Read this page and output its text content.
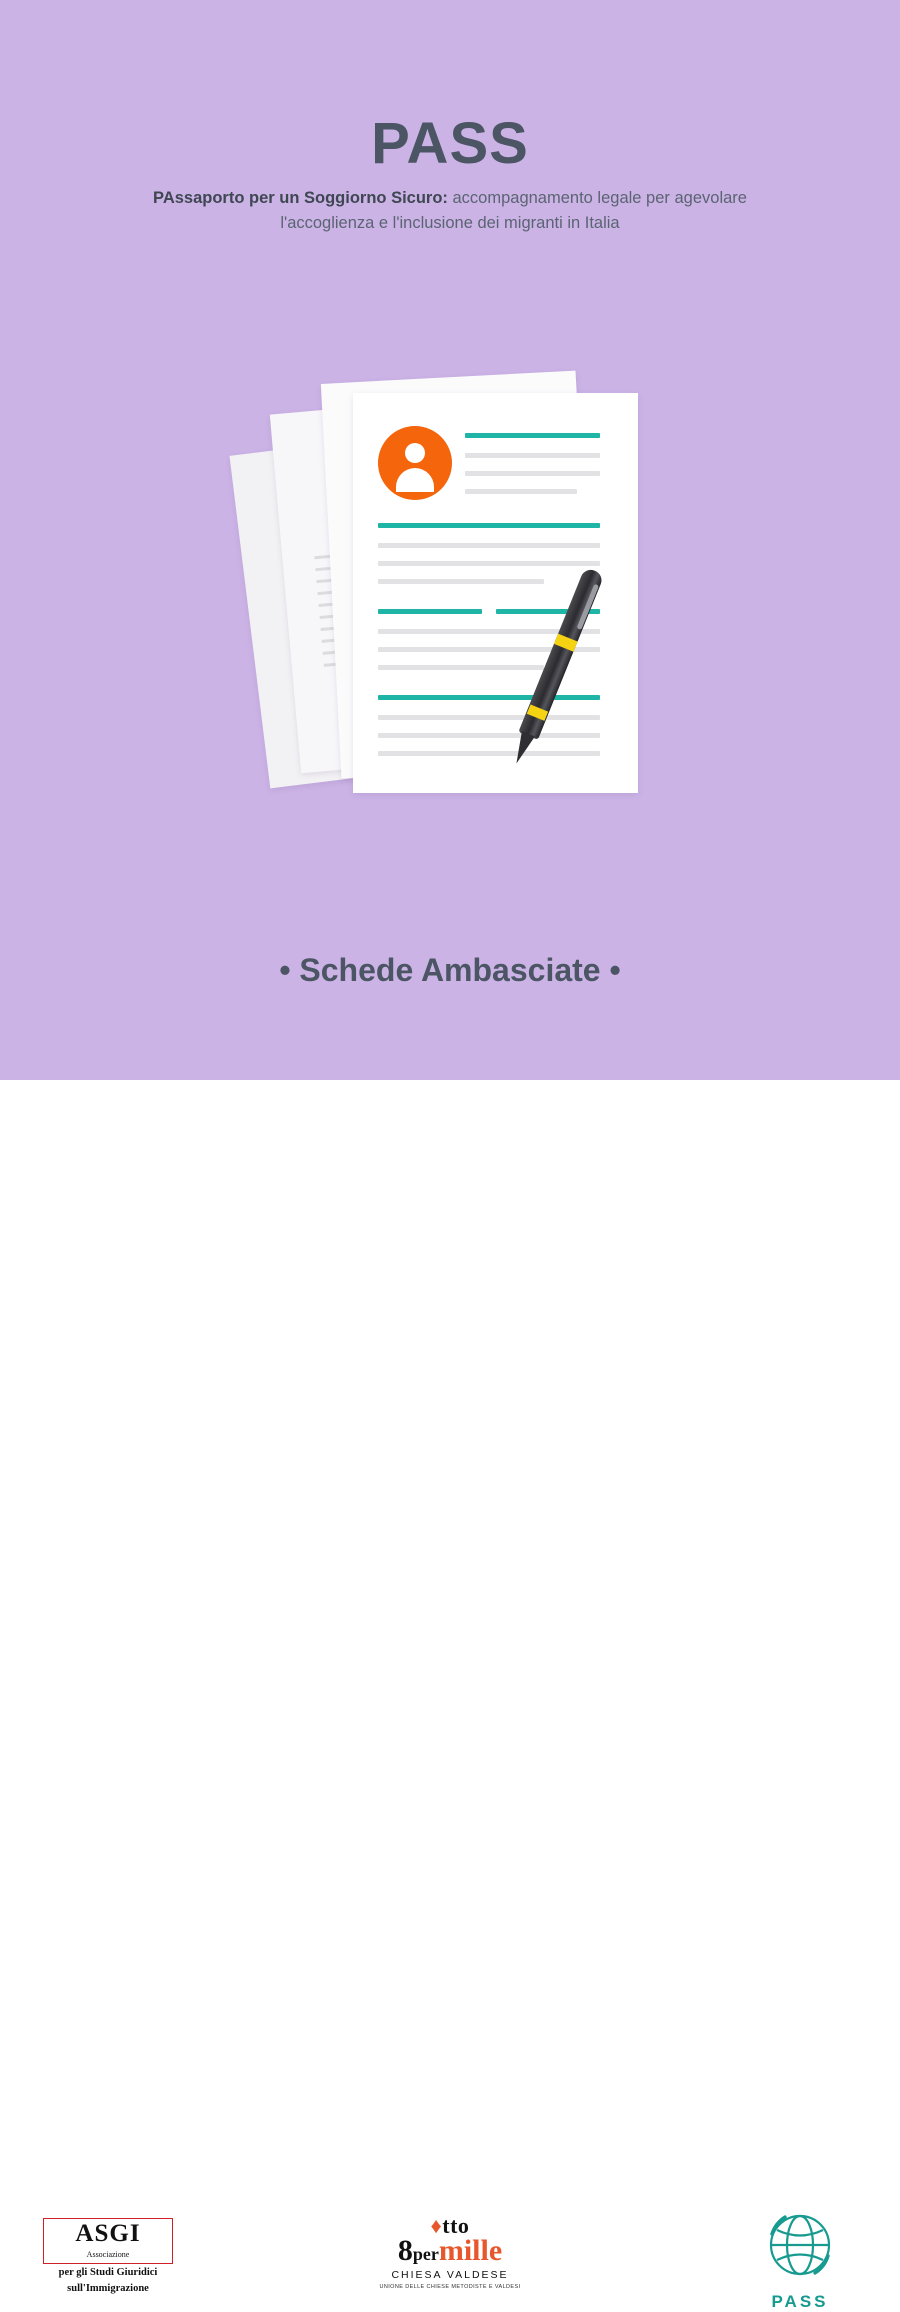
PASS
PAssaporto per un Soggiorno Sicuro: accompagnamento legale per agevolare l'accoglienza e l'inclusione dei migranti in Italia
• Schede Ambasciate •
ASGI
Associazione
per gli Studi Giuridici
sull'Immigrazione
♦tto
8permille
CHIESA VALDESE
UNIONE DELLE CHIESE METODISTE E VALDESI
PASS
